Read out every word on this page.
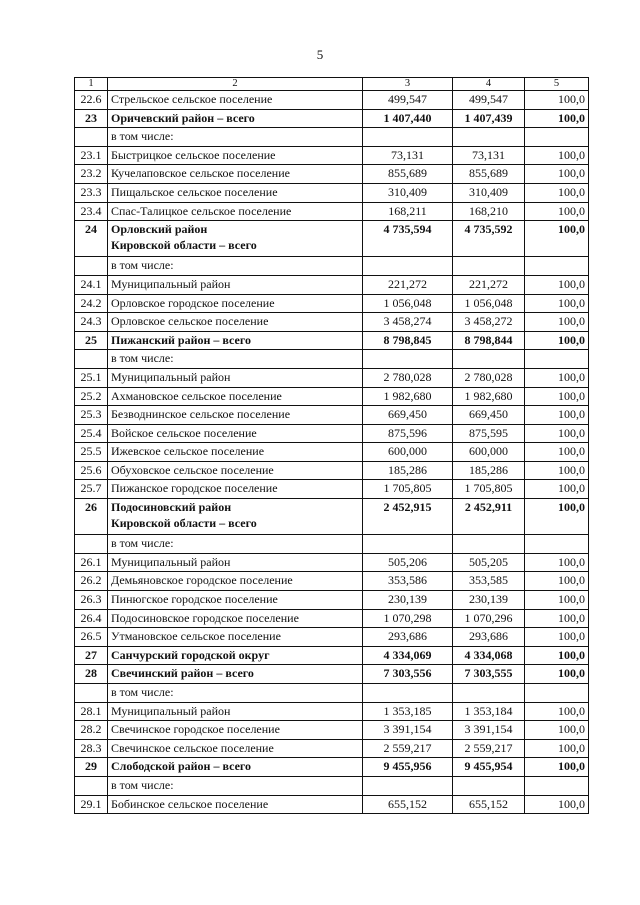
5
1	2	3	4	5
22.6	Стрельское сельское поселение	499,547	499,547	100,0
23	Оричевский район – всего	1 407,440	1 407,439	100,0

	в том числе:			

23.1	Быстрицкое сельское поселение	73,131	73,131	100,0
23.2	Кучелаповское сельское поселение	855,689	855,689	100,0
23.3	Пищальское сельское поселение	310,409	310,409	100,0
23.4	Спас-Талицкое сельское поселение	168,211	168,210	100,0
24	Орловский район
Кировской области – всего	4 735,594	4 735,592	100,0

	в том числе:			

24.1	Муниципальный район	221,272	221,272	100,0
24.2	Орловское городское поселение	1 056,048	1 056,048	100,0
24.3	Орловское сельское поселение	3 458,274	3 458,272	100,0
25	Пижанский район – всего	8 798,845	8 798,844	100,0

	в том числе:			

25.1	Муниципальный район	2 780,028	2 780,028	100,0
25.2	Ахмановское сельское поселение	1 982,680	1 982,680	100,0
25.3	Безводнинское сельское поселение	669,450	669,450	100,0
25.4	Войское сельское поселение	875,596	875,595	100,0
25.5	Ижевское сельское поселение	600,000	600,000	100,0
25.6	Обуховское сельское поселение	185,286	185,286	100,0
25.7	Пижанское городское поселение	1 705,805	1 705,805	100,0
26	Подосиновский район
Кировской области – всего	2 452,915	2 452,911	100,0

	в том числе:			

26.1	Муниципальный район	505,206	505,205	100,0
26.2	Демьяновское городское поселение	353,586	353,585	100,0
26.3	Пинюгское городское поселение	230,139	230,139	100,0
26.4	Подосиновское городское поселение	1 070,298	1 070,296	100,0
26.5	Утмановское сельское поселение	293,686	293,686	100,0
27	Санчурский городской округ	4 334,069	4 334,068	100,0
28	Свечинский район – всего	7 303,556	7 303,555	100,0

	в том числе:			

28.1	Муниципальный район	1 353,185	1 353,184	100,0
28.2	Свечинское городское поселение	3 391,154	3 391,154	100,0
28.3	Свечинское сельское поселение	2 559,217	2 559,217	100,0
29	Слободской район – всего	9 455,956	9 455,954	100,0

	в том числе:			

29.1	Бобинское сельское поселение	655,152	655,152	100,0
